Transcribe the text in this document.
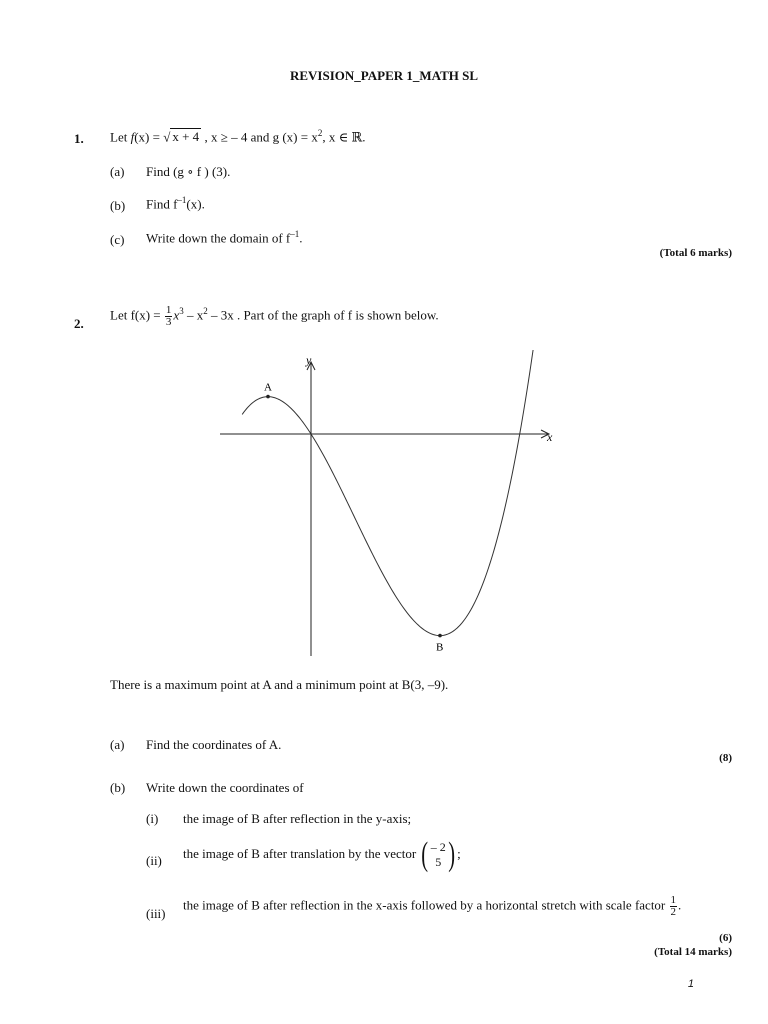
REVISION_PAPER 1_MATH SL
1. Let f(x) = √ x + 4 , x ≥ – 4 and g $(x) = x^2$, x ∈ ℝ.
(a) Find (g ∘ f ) (3).
(b) Find $f^{-1}(x)$.
(c) Write down the domain of $f^{-1}$.
(Total 6 marks)
2.
Let $f(x) = \frac{1}{3} x^3 - x^2 - 3x$ . Part of the graph of f is shown below.
y
x
A
B
There is a maximum point at A and a minimum point at B(3, –9).
(a) Find the coordinates of A.
(8)
(b) Write down the coordinates of
(i) the image of B after reflection in the y-axis;
(ii) the image of B after translation by the vector ( – 2
5 ) ;
(iii)
the image of B after reflection in the x-axis followed by a horizontal stretch with scale factor $\frac{1}{2}$ .
(6)
(Total 14 marks)
1
